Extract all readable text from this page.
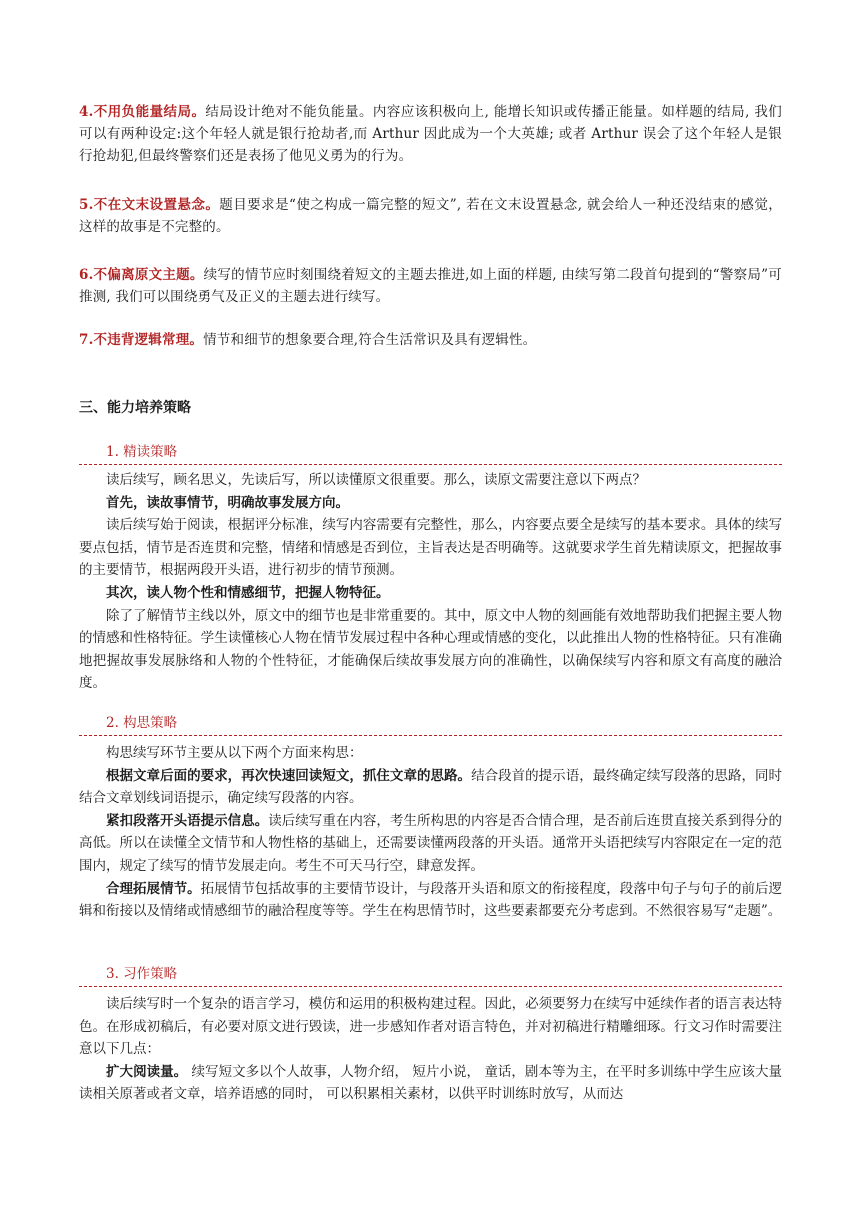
4.不用负能量结局。结局设计绝对不能负能量。内容应该积极向上, 能增长知识或传播正能量。如样题的结局, 我们可以有两种设定:这个年轻人就是银行抢劫者,而 Arthur 因此成为一个大英雄; 或者 Arthur 误会了这个年轻人是银行抢劫犯,但最终警察们还是表扬了他见义勇为的行为。
5.不在文末设置悬念。题目要求是“使之构成一篇完整的短文”, 若在文末设置悬念, 就会给人一种还没结束的感觉，这样的故事是不完整的。
6.不偏离原文主题。续写的情节应时刻围绕着短文的主题去推进,如上面的样题, 由续写第二段首句提到的“警察局”可推测, 我们可以围绕勇气及正义的主题去进行续写。
7.不违背逻辑常理。情节和细节的想象要合理,符合生活常识及具有逻辑性。
三、能力培养策略
1. 精读策略

读后续写，顾名思义，先读后写，所以读懂原文很重要。那么，读原文需要注意以下两点？

首先，读故事情节，明确故事发展方向。

读后续写始于阅读，根据评分标准，续写内容需要有完整性，那么，内容要点要全是续写的基本要求。具体的续写要点包括，情节是否连贯和完整，情绪和情感是否到位，主旨表达是否明确等。这就要求学生首先精读原文，把握故事的主要情节，根据两段开头语，进行初步的情节预测。

其次，读人物个性和情感细节，把握人物特征。

除了了解情节主线以外，原文中的细节也是非常重要的。其中，原文中人物的刻画能有效地帮助我们把握主要人物的情感和性格特征。学生读懂核心人物在情节发展过程中各种心理或情感的变化，以此推出人物的性格特征。只有准确地把握故事发展脉络和人物的个性特征，才能确保后续故事发展方向的准确性，以确保续写内容和原文有高度的融洽度。

2. 构思策略

构思续写环节主要从以下两个方面来构思：

根据文章后面的要求，再次快速回读短文，抓住文章的思路。结合段首的提示语，最终确定续写段落的思路，同时结合文章划线词语提示，确定续写段落的内容。

紧扣段落开头语提示信息。读后续写重在内容，考生所构思的内容是否合情合理，是否前后连贯直接关系到得分的高低。所以在读懂全文情节和人物性格的基础上，还需要读懂两段落的开头语。通常开头语把续写内容限定在一定的范围内，规定了续写的情节发展走向。考生不可天马行空，肆意发挥。

合理拓展情节。拓展情节包括故事的主要情节设计，与段落开头语和原文的衔接程度，段落中句子与句子的前后逻辑和衔接以及情绪或情感细节的融洽程度等等。学生在构思情节时，这些要素都要充分考虑到。不然很容易写“走题”。

3. 习作策略

读后续写时一个复杂的语言学习，模仿和运用的积极构建过程。因此，必须要努力在续写中延续作者的语言表达特色。在形成初稿后，有必要对原文进行毁读，进一步感知作者对语言特色，并对初稿进行精雕细琢。行文习作时需要注意以下几点：

扩大阅读量。 续写短文多以个人故事，人物介绍， 短片小说， 童话，剧本等为主，在平时多训练中学生应该大量读相关原著或者文章，培养语感的同时， 可以积累相关素材，以供平时训练时放写，从而达
